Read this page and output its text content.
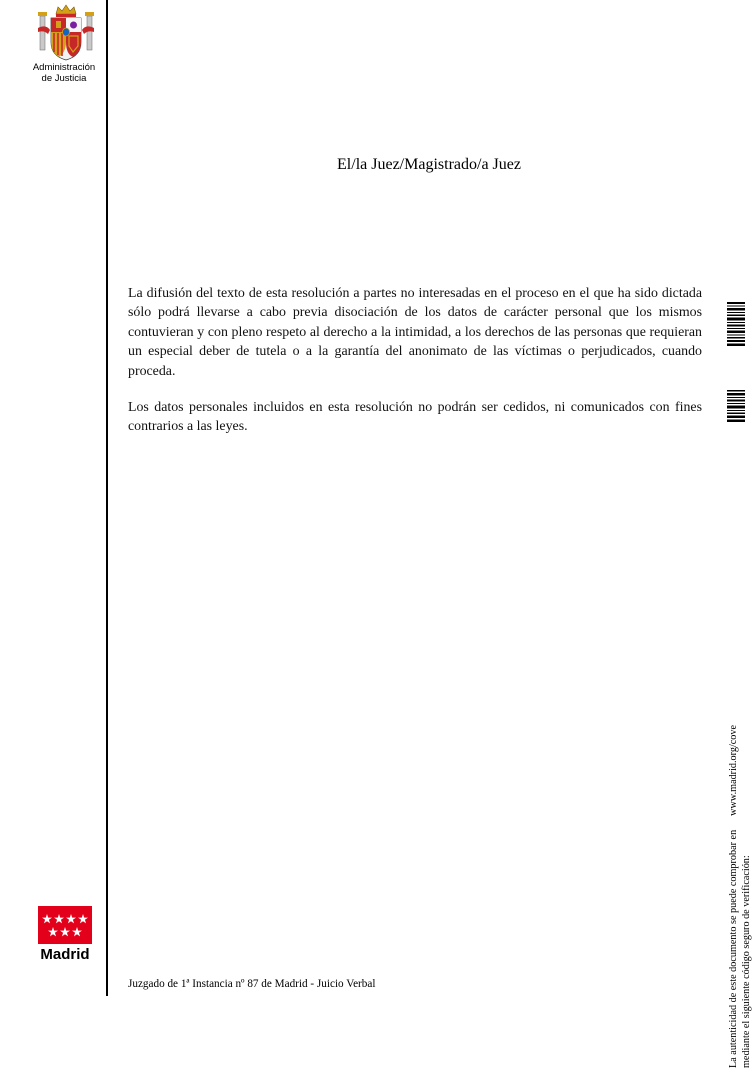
Administración
de Justicia
El/la Juez/Magistrado/a Juez

La difusión del texto de esta resolución a partes no interesadas en el proceso en el que ha sido dictada sólo podrá llevarse a cabo previa disociación de los datos de carácter personal que los mismos contuvieran y con pleno respeto al derecho a la intimidad, a los derechos de las personas que requieran un especial deber de tutela o a la garantía del anonimato de las víctimas o perjudicados, cuando proceda.

Los datos personales incluidos en esta resolución no podrán ser cedidos, ni comunicados con fines contrarios a las leyes.

Juzgado de 1ª Instancia nº 87 de Madrid - Juicio Verbal	La autenticidad de este documento se puede comprobar enwww.madrid.org/cove
mediante el siguiente código seguro de verificación:
Madrid
